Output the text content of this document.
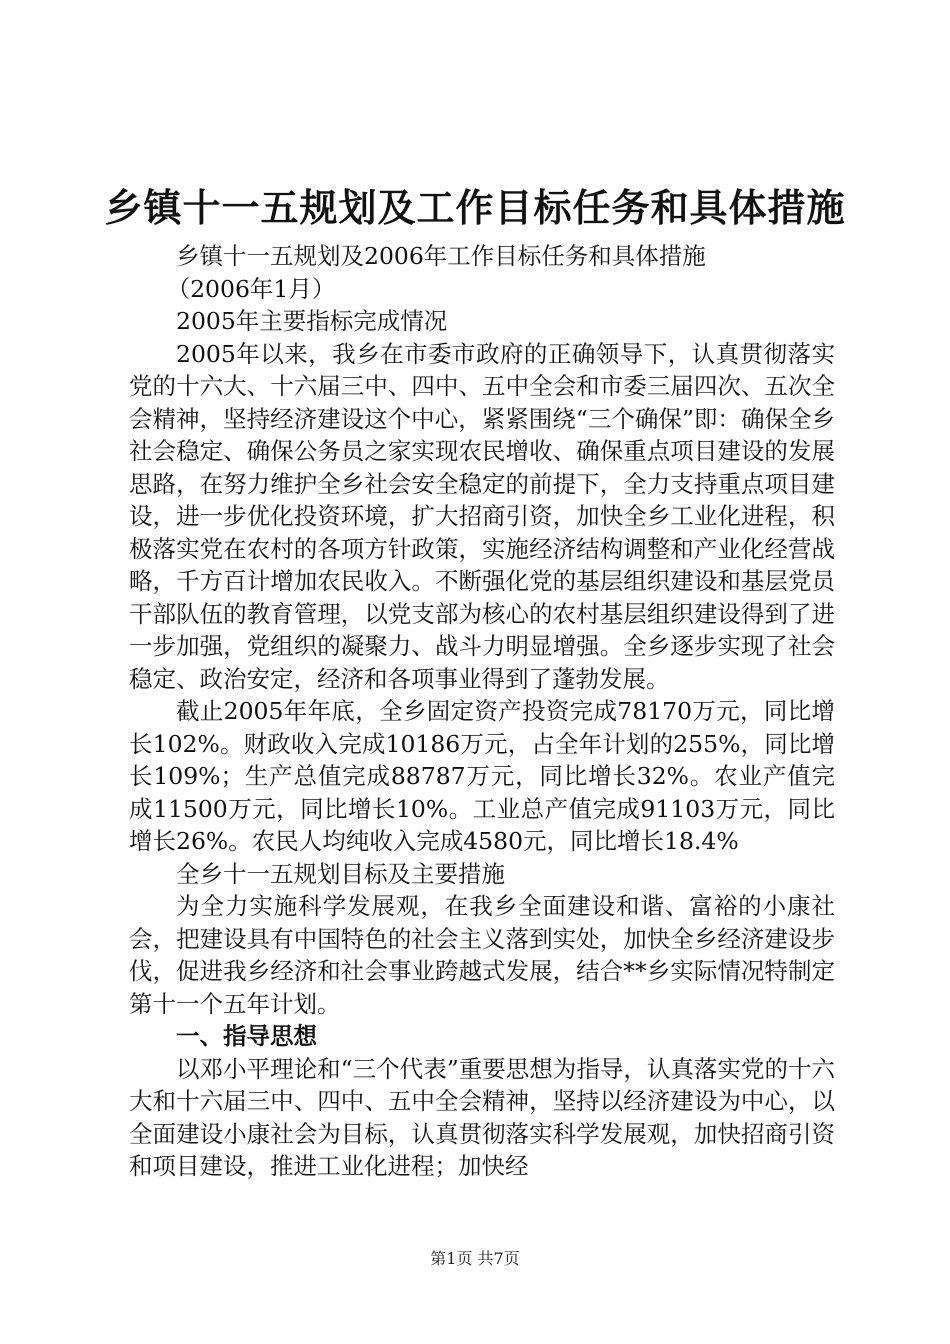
乡镇十一五规划及工作目标任务和具体措施

乡镇十一五规划及2006年工作目标任务和具体措施

（2006年1月）

2005年主要指标完成情况

2005年以来，我乡在市委市政府的正确领导下，认真贯彻落实党的十六大、十六届三中、四中、五中全会和市委三届四次、五次全会精神，坚持经济建设这个中心，紧紧围绕“三个确保”即：确保全乡社会稳定、确保公务员之家实现农民增收、确保重点项目建设的发展思路，在努力维护全乡社会安全稳定的前提下，全力支持重点项目建设，进一步优化投资环境，扩大招商引资，加快全乡工业化进程，积极落实党在农村的各项方针政策，实施经济结构调整和产业化经营战略，千方百计增加农民收入。不断强化党的基层组织建设和基层党员干部队伍的教育管理，以党支部为核心的农村基层组织建设得到了进一步加强，党组织的凝聚力、战斗力明显增强。全乡逐步实现了社会稳定、政治安定，经济和各项事业得到了蓬勃发展。

截止2005年年底，全乡固定资产投资完成78170万元，同比增长102%。财政收入完成10186万元，占全年计划的255%，同比增长109%；生产总值完成88787万元，同比增长32%。农业产值完成11500万元，同比增长10%。工业总产值完成91103万元，同比增长26%。农民人均纯收入完成4580元，同比增长18.4%

全乡十一五规划目标及主要措施

为全力实施科学发展观，在我乡全面建设和谐、富裕的小康社会，把建设具有中国特色的社会主义落到实处，加快全乡经济建设步伐，促进我乡经济和社会事业跨越式发展，结合**乡实际情况特制定第十一个五年计划。

一、指导思想

以邓小平理论和“三个代表”重要思想为指导，认真落实党的十六大和十六届三中、四中、五中全会精神，坚持以经济建设为中心，以全面建设小康社会为目标，认真贯彻落实科学发展观，加快招商引资和项目建设，推进工业化进程；加快经

第1页 共7页
